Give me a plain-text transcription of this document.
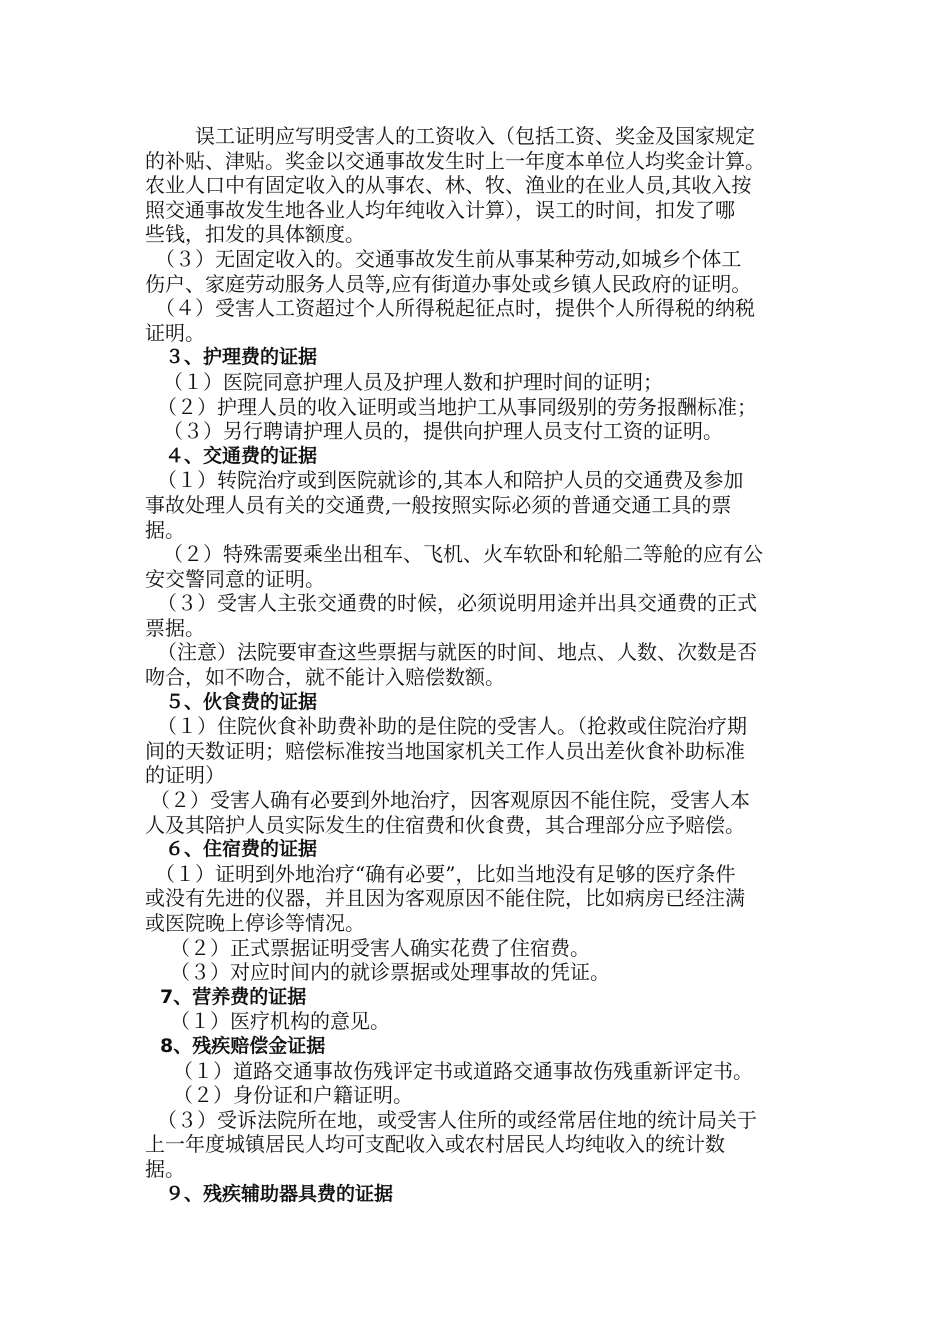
　误工证明应写明受害人的工资收入（包括工资、奖金及国家规定
的补贴、津贴。奖金以交通事故发生时上一年度本单位人均奖金计算。
农业人口中有固定收入的从事农、林、牧、渔业的在业人员,其收入按
照交通事故发生地各业人均年纯收入计算），误工的时间，扣发了哪
些钱，扣发的具体额度。
（３）无固定收入的。交通事故发生前从事某种劳动,如城乡个体工
伤户、家庭劳动服务人员等,应有街道办事处或乡镇人民政府的证明。
（４）受害人工资超过个人所得税起征点时，提供个人所得税的纳税
证明。
３、护理费的证据
（１）医院同意护理人员及护理人数和护理时间的证明；
（２）护理人员的收入证明或当地护工从事同级别的劳务报酬标准；
（３）另行聘请护理人员的，提供向护理人员支付工资的证明。
４、交通费的证据
（１）转院治疗或到医院就诊的,其本人和陪护人员的交通费及参加
事故处理人员有关的交通费,一般按照实际必须的普通交通工具的票
据。
（２）特殊需要乘坐出租车、飞机、火车软卧和轮船二等舱的应有公
安交警同意的证明。
（３）受害人主张交通费的时候，必须说明用途并出具交通费的正式
票据。
（注意）法院要审查这些票据与就医的时间、地点、人数、次数是否
吻合，如不吻合，就不能计入赔偿数额。
５、伙食费的证据
（１）住院伙食补助费补助的是住院的受害人。（抢救或住院治疗期
间的天数证明；赔偿标准按当地国家机关工作人员出差伙食补助标准
的证明）
（２）受害人确有必要到外地治疗，因客观原因不能住院，受害人本
人及其陪护人员实际发生的住宿费和伙食费，其合理部分应予赔偿。
６、住宿费的证据
（１）证明到外地治疗“确有必要”，比如当地没有足够的医疗条件
或没有先进的仪器，并且因为客观原因不能住院，比如病房已经注满
或医院晚上停诊等情况。
（２）正式票据证明受害人确实花费了住宿费。
（３）对应时间内的就诊票据或处理事故的凭证。
7、营养费的证据
（１）医疗机构的意见。
8、残疾赔偿金证据
（１）道路交通事故伤残评定书或道路交通事故伤残重新评定书。
（２）身份证和户籍证明。
（３）受诉法院所在地，或受害人住所的或经常居住地的统计局关于
上一年度城镇居民人均可支配收入或农村居民人均纯收入的统计数
据。
９、残疾辅助器具费的证据
